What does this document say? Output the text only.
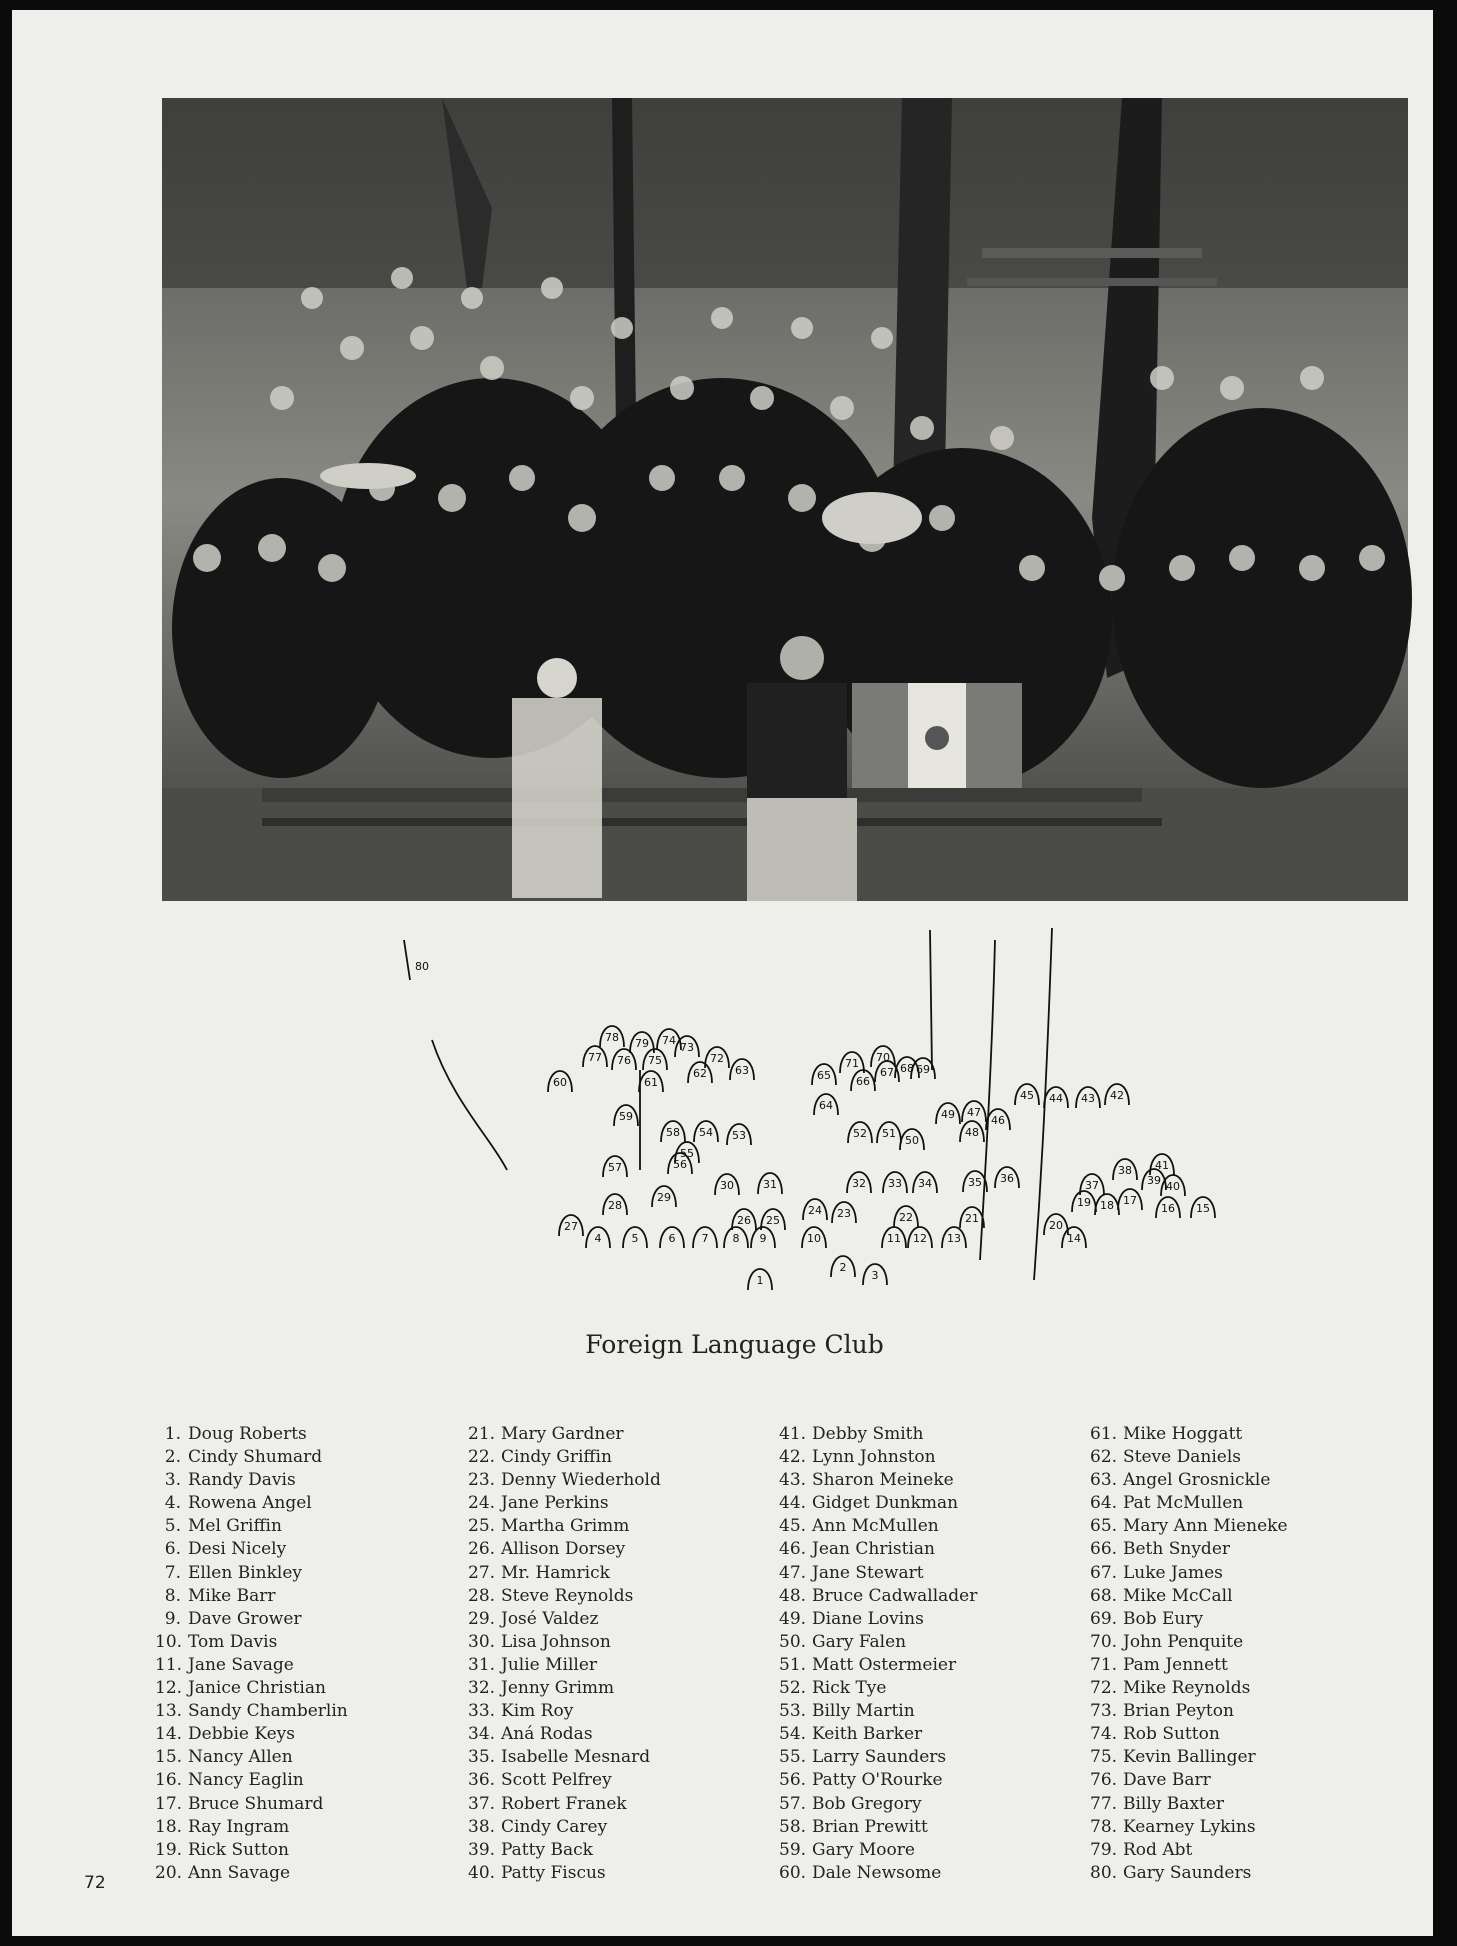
80
78 79
77 76 75
74
73
72	71 70
69
68
67
66
65
64
63
62
61
60
59
58
57	56
55
54 53	52 51
50
49
48
47
46
45 44 43 42
41
40
39
38
37
36
35
34
33
32
31
30
29
28
27	26 25
24 23	22	21
20
19 18 17
16 15
14
13
12
11
10
9
8
7
6
5
4
3
2
1
Foreign Language Club
1. Doug Roberts
2. Cindy Shumard
3. Randy Davis
4. Rowena Angel
5. Mel Griffin
6. Desi Nicely
7. Ellen Binkley
8. Mike Barr
9. Dave Grower
10. Tom Davis
11. Jane Savage
12. Janice Christian
13. Sandy Chamberlin
14. Debbie Keys
15. Nancy Allen
16. Nancy Eaglin
17. Bruce Shumard
18. Ray Ingram
19. Rick Sutton
20. Ann Savage
21. Mary Gardner
22. Cindy Griffin
23. Denny Wiederhold
24. Jane Perkins
25. Martha Grimm
26. Allison Dorsey
27. Mr. Hamrick
28. Steve Reynolds
29. José Valdez
30. Lisa Johnson
31. Julie Miller
32. Jenny Grimm
33. Kim Roy
34. Aná Rodas
35. Isabelle Mesnard
36. Scott Pelfrey
37. Robert Franek
38. Cindy Carey
39. Patty Back
40. Patty Fiscus
41. Debby Smith
42. Lynn Johnston
43. Sharon Meineke
44. Gidget Dunkman
45. Ann McMullen
46. Jean Christian
47. Jane Stewart
48. Bruce Cadwallader
49. Diane Lovins
50. Gary Falen
51. Matt Ostermeier
52. Rick Tye
53. Billy Martin
54. Keith Barker
55. Larry Saunders
56. Patty O'Rourke
57. Bob Gregory
58. Brian Prewitt
59. Gary Moore
60. Dale Newsome
61. Mike Hoggatt
62. Steve Daniels
63. Angel Grosnickle
64. Pat McMullen
65. Mary Ann Mieneke
66. Beth Snyder
67. Luke James
68. Mike McCall
69. Bob Eury
70. John Penquite
71. Pam Jennett
72. Mike Reynolds
73. Brian Peyton
74. Rob Sutton
75. Kevin Ballinger
76. Dave Barr
77. Billy Baxter
78. Kearney Lykins
79. Rod Abt
80. Gary Saunders
72
